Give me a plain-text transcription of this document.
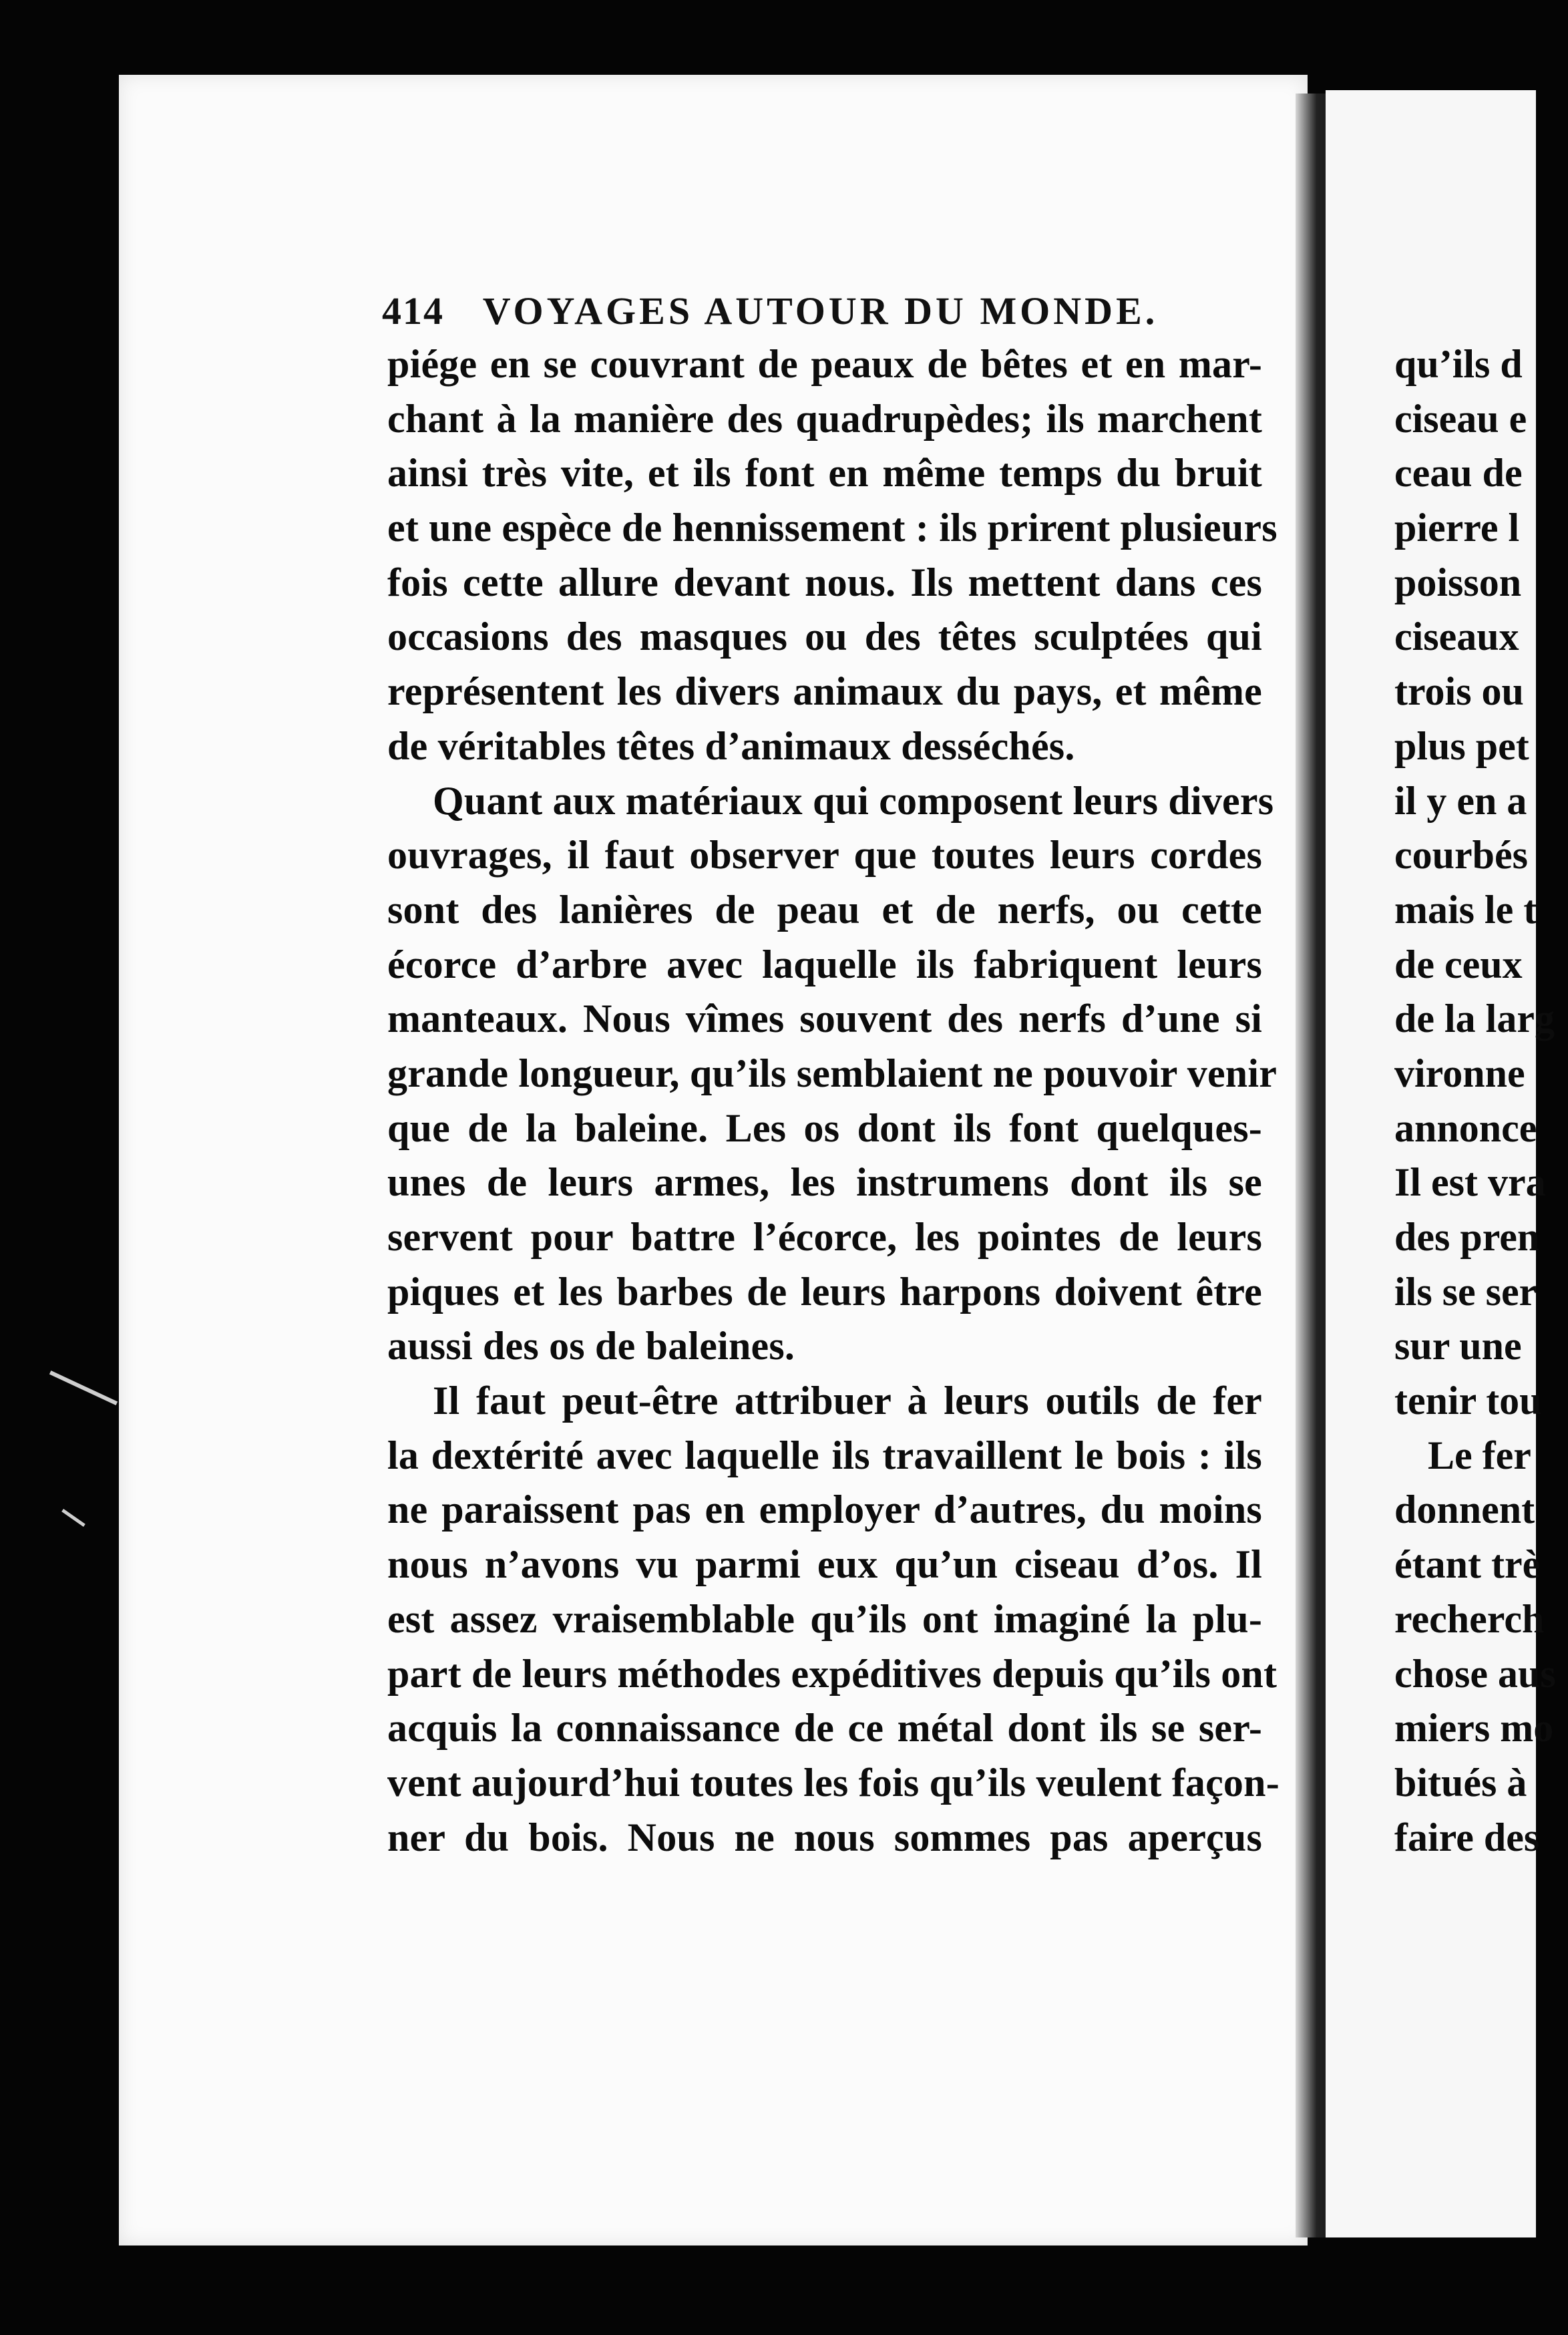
414 VOYAGES AUTOUR DU MONDE.
piége en se couvrant de peaux de bêtes et en mar-
chant à la manière des quadrupèdes; ils marchent
ainsi très vite, et ils font en même temps du bruit
et une espèce de hennissement : ils prirent plusieurs
fois cette allure devant nous. Ils mettent dans ces
occasions des masques ou des têtes sculptées qui
représentent les divers animaux du pays, et même
de véritables têtes d’animaux desséchés.
Quant aux matériaux qui composent leurs divers
ouvrages, il faut observer que toutes leurs cordes
sont des lanières de peau et de nerfs, ou cette
écorce d’arbre avec laquelle ils fabriquent leurs
manteaux. Nous vîmes souvent des nerfs d’une si
grande longueur, qu’ils semblaient ne pouvoir venir
que de la baleine. Les os dont ils font quelques-
unes de leurs armes, les instrumens dont ils se
servent pour battre l’écorce, les pointes de leurs
piques et les barbes de leurs harpons doivent être
aussi des os de baleines.
Il faut peut-être attribuer à leurs outils de fer
la dextérité avec laquelle ils travaillent le bois : ils
ne paraissent pas en employer d’autres, du moins
nous n’avons vu parmi eux qu’un ciseau d’os. Il
est assez vraisemblable qu’ils ont imaginé la plu-
part de leurs méthodes expéditives depuis qu’ils ont
acquis la connaissance de ce métal dont ils se ser-
vent aujourd’hui toutes les fois qu’ils veulent façon-
ner du bois. Nous ne nous sommes pas aperçus
qu’ils d
ciseau e
ceau de
pierre l
poisson
ciseaux
trois ou
plus pet
il y en a
courbés
mais le t
de ceux
de la larg
vironne
annonce
Il est vra
des pren
ils se ser
sur une
tenir tou
Le fer
donnent
étant trè
recherch
chose aus
miers mo
bitués à
faire des
